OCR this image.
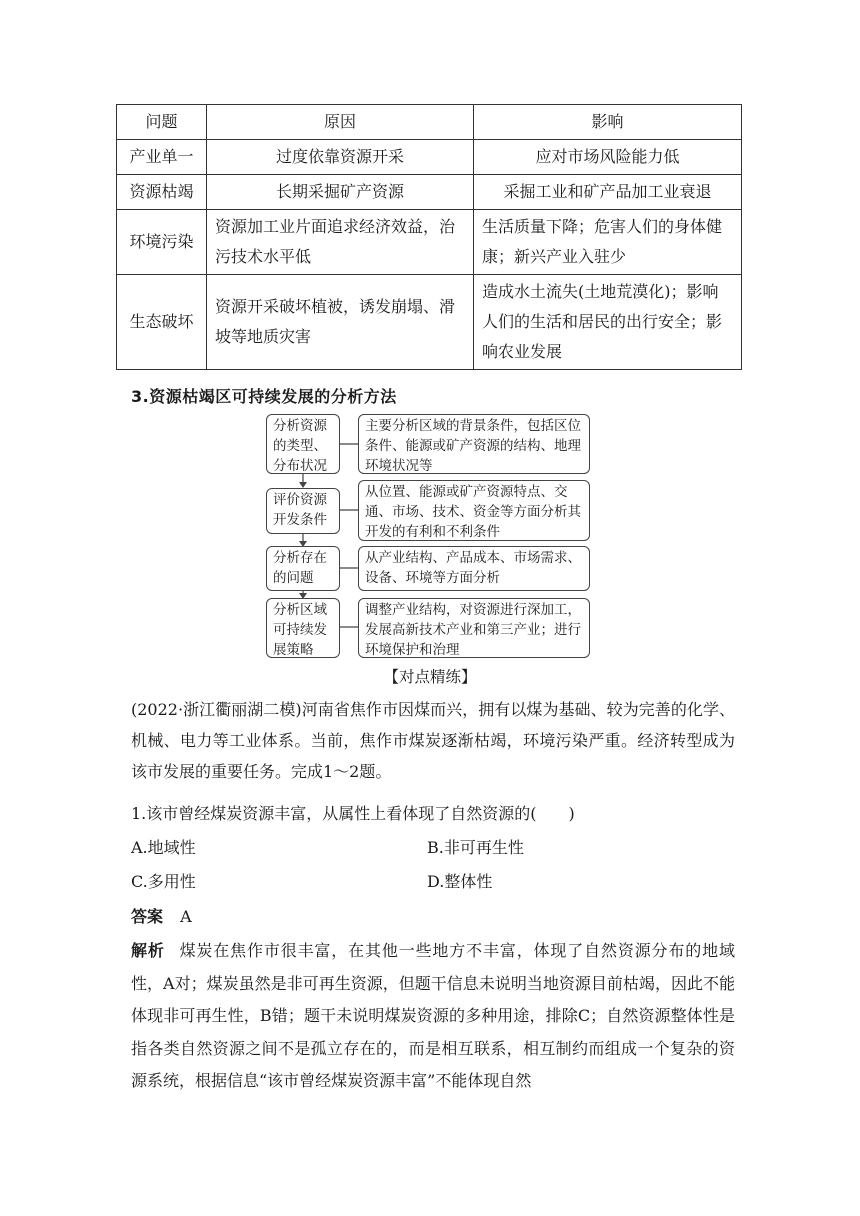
问题	原因	影响
产业单一	过度依靠资源开采	应对市场风险能力低
资源枯竭	长期采掘矿产资源	采掘工业和矿产品加工业衰退
环境污染	资源加工业片面追求经济效益，治污技术水平低	生活质量下降；危害人们的身体健康；新兴产业入驻少
生态破坏	资源开采破坏植被，诱发崩塌、滑坡等地质灾害	造成水土流失(土地荒漠化)；影响人们的生活和居民的出行安全；影响农业发展
3.资源枯竭区可持续发展的分析方法
分析资源的类型、分布状况
主要分析区域的背景条件，包括区位条件、能源或矿产资源的结构、地理环境状况等
评价资源开发条件
从位置、能源或矿产资源特点、交通、市场、技术、资金等方面分析其开发的有利和不利条件
分析存在的问题
从产业结构、产品成本、市场需求、设备、环境等方面分析
分析区域可持续发展策略
调整产业结构，对资源进行深加工，发展高新技术产业和第三产业；进行环境保护和治理
【对点精练】
(2022·浙江衢丽湖二模)河南省焦作市因煤而兴，拥有以煤为基础、较为完善的化学、机械、电力等工业体系。当前，焦作市煤炭逐渐枯竭，环境污染严重。经济转型成为该市发展的重要任务。完成1～2题。
1.该市曾经煤炭资源丰富，从属性上看体现了自然资源的(　　)
A.地域性	B.非可再生性
C.多用性	D.整体性
答案 A
解析 煤炭在焦作市很丰富，在其他一些地方不丰富，体现了自然资源分布的地域性，A对；煤炭虽然是非可再生资源，但题干信息未说明当地资源目前枯竭，因此不能体现非可再生性，B错；题干未说明煤炭资源的多种用途，排除C；自然资源整体性是指各类自然资源之间不是孤立存在的，而是相互联系，相互制约而组成一个复杂的资源系统，根据信息“该市曾经煤炭资源丰富”不能体现自然
